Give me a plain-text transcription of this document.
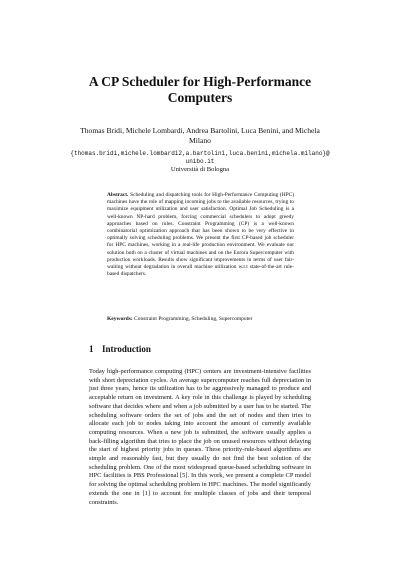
A CP Scheduler for High-Performance
Computers
Thomas Bridi, Michele Lombardi, Andrea Bartolini, Luca Benini, and Michela
Milano
{thomas.bridi,michele.lombardi2,a.bartolini,luca.benini,michela.milano}@
unibo.it
Università di Bologna

Abstract. Scheduling and dispatching tools for High-Performance Computing (HPC) machines have the role of mapping incoming jobs to the available resources, trying to maximize equipment utilization and user satisfaction. Optimal Job Scheduling is a well-known NP-hard problem, forcing commercial schedulers to adopt greedy approaches based on rules. Constraint Programming (CP) is a well-known combinatorial optimization approach that has been shown to be very effective in optimally solving scheduling problems. We present the first CP-based job scheduler for HPC machines, working in a real-life production environment. We evaluate our solution both on a cluster of virtual machines and on the Eurora Supercomputer with production workloads. Results show significant improvements in terms of user fair-waiting without degradation in overall machine utilization w.r.t state-of-the-art rule-based dispatchers.

Keywords: Constraint Programming, Scheduling, Supercomputer

1 Introduction

Today high-performance computing (HPC) centers are investment-intensive facilities with short depreciation cycles. An average supercomputer reaches full depreciation in just three years, hence its utilization has to be aggressively managed to produce and acceptable return on investment. A key role in this challenge is played by scheduling software that decides where and when a job submitted by a user has to be started. The scheduling software orders the set of jobs and the set of nodes and then tries to allocate each job to nodes taking into account the amount of currently available computing resources. When a new job is submitted, the software usually applies a back-filling algorithm that tries to place the job on unused resources without delaying the start of highest priority jobs in queues. These priority-rule-based algorithms are simple and reasonably fast, but they usually do not find the best solution of the scheduling problem. One of the most widespread queue-based scheduling software in HPC facilities is PBS Professional [5]. In this work, we present a complete CP model for solving the optimal scheduling problem in HPC machines. The model significantly extends the one in [1] to account for multiple classes of jobs and their temporal constraints.
